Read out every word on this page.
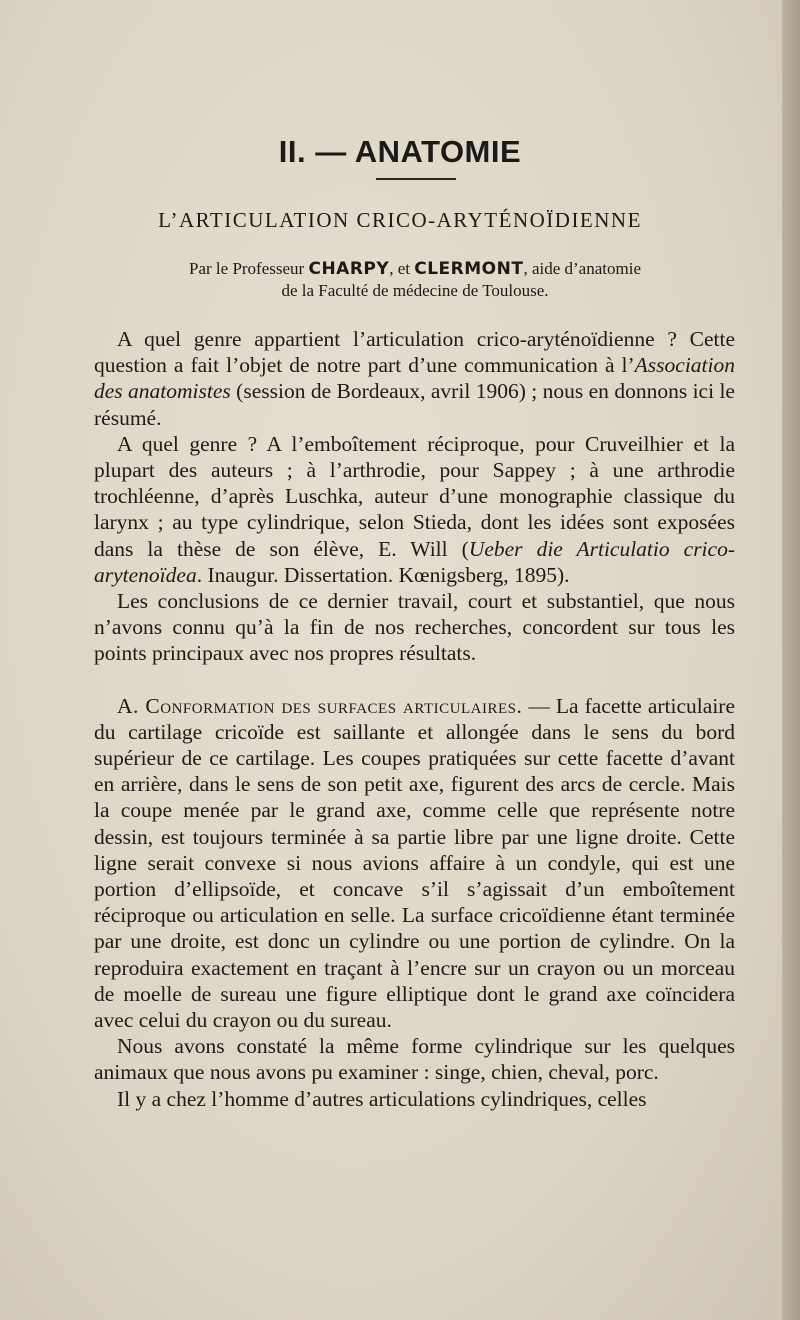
II. — ANATOMIE
L’ARTICULATION CRICO-ARYTÉNOÏDIENNE
Par le Professeur CHARPY, et CLERMONT, aide d’anatomie
de la Faculté de médecine de Toulouse.

A quel genre appartient l’articulation crico-aryténoïdienne ? Cette question a fait l’objet de notre part d’une communication à l’Association des anatomistes (session de Bordeaux, avril 1906) ; nous en donnons ici le résumé.

A quel genre ? A l’emboîtement réciproque, pour Cruveilhier et la plupart des auteurs ; à l’arthrodie, pour Sappey ; à une arthrodie trochléenne, d’après Luschka, auteur d’une monographie classique du larynx ; au type cylindrique, selon Stieda, dont les idées sont exposées dans la thèse de son élève, E. Will (Ueber die Articulatio crico-arytenoïdea. Inaugur. Dissertation. Kœnigsberg, 1895).

Les conclusions de ce dernier travail, court et substantiel, que nous n’avons connu qu’à la fin de nos recherches, concordent sur tous les points principaux avec nos propres résultats.

A. Conformation des surfaces articulaires. — La facette articulaire du cartilage cricoïde est saillante et allongée dans le sens du bord supérieur de ce cartilage. Les coupes pratiquées sur cette facette d’avant en arrière, dans le sens de son petit axe, figurent des arcs de cercle. Mais la coupe menée par le grand axe, comme celle que représente notre dessin, est toujours terminée à sa partie libre par une ligne droite. Cette ligne serait convexe si nous avions affaire à un condyle, qui est une portion d’ellipsoïde, et concave s’il s’agissait d’un emboîtement réciproque ou articulation en selle. La surface cricoïdienne étant terminée par une droite, est donc un cylindre ou une portion de cylindre. On la reproduira exactement en traçant à l’encre sur un crayon ou un morceau de moelle de sureau une figure elliptique dont le grand axe coïncidera avec celui du crayon ou du sureau.

Nous avons constaté la même forme cylindrique sur les quelques animaux que nous avons pu examiner : singe, chien, cheval, porc.

Il y a chez l’homme d’autres articulations cylindriques, celles
